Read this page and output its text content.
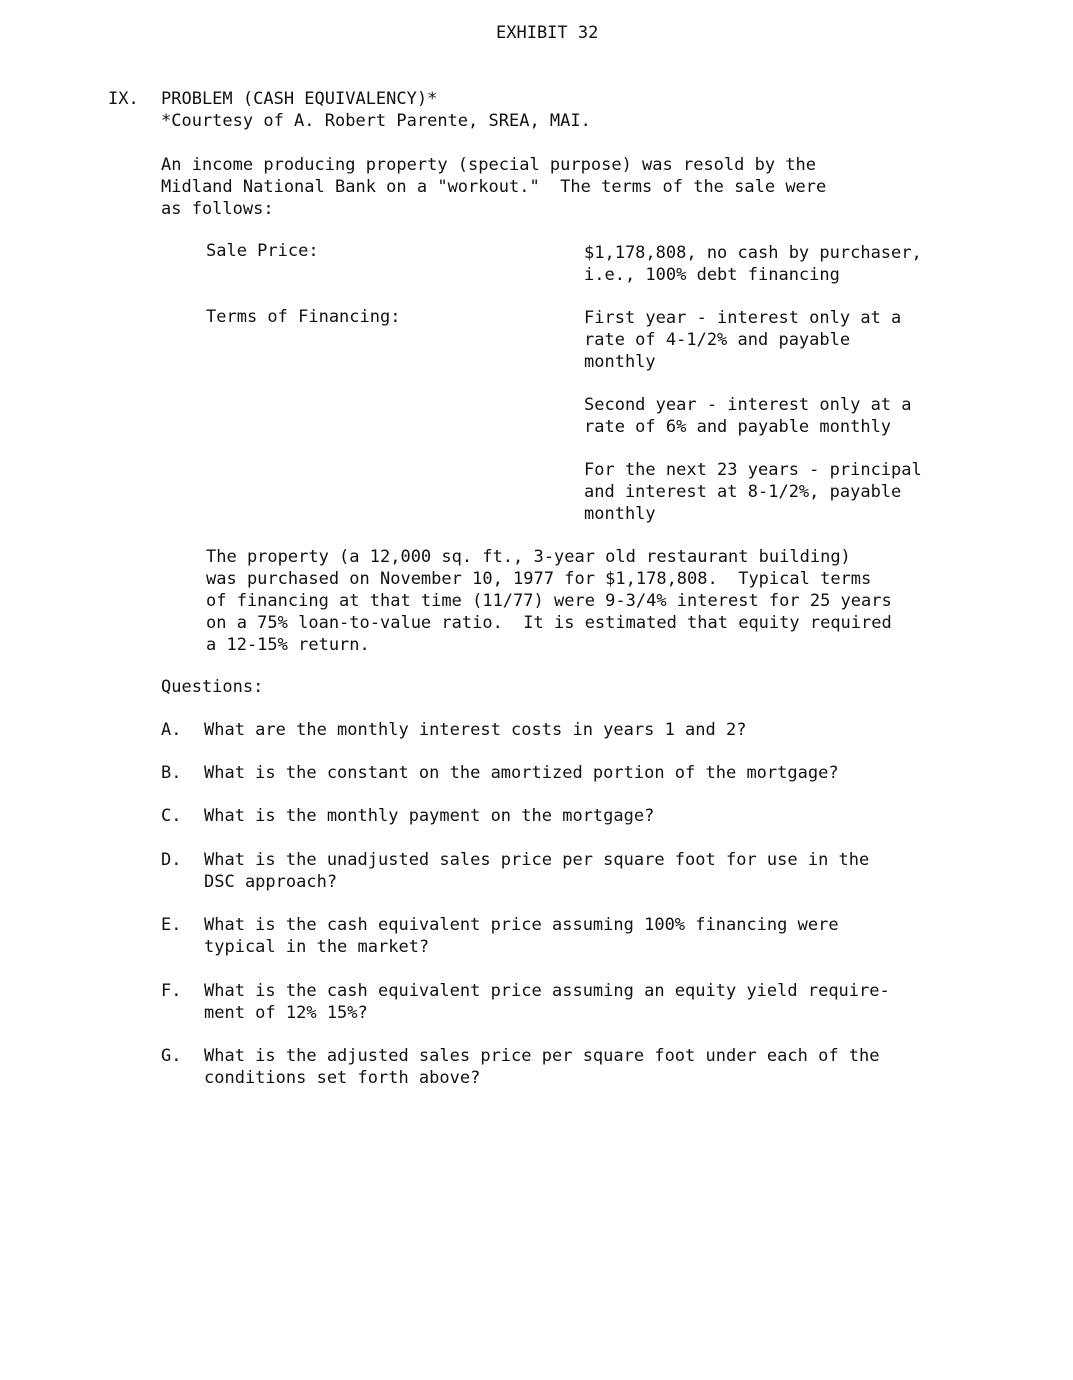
EXHIBIT 32
IX. PROBLEM (CASH EQUIVALENCY)*
*Courtesy of A. Robert Parente, SREA, MAI.
An income producing property (special purpose) was resold by the
Midland National Bank on a "workout."  The terms of the sale were
as follows:
Sale Price:	$1,178,808, no cash by purchaser,
i.e., 100% debt financing
Terms of Financing:	First year - interest only at a
rate of 4-1/2% and payable
monthly
Second year - interest only at a
rate of 6% and payable monthly
For the next 23 years - principal
and interest at 8-1/2%, payable
monthly
The property (a 12,000 sq. ft., 3-year old restaurant building)
was purchased on November 10, 1977 for $1,178,808.  Typical terms
of financing at that time (11/77) were 9-3/4% interest for 25 years
on a 75% loan-to-value ratio.  It is estimated that equity required
a 12-15% return.
Questions:
A. What are the monthly interest costs in years 1 and 2?
B. What is the constant on the amortized portion of the mortgage?
C. What is the monthly payment on the mortgage?
D. What is the unadjusted sales price per square foot for use in the
DSC approach?
E. What is the cash equivalent price assuming 100% financing were
typical in the market?
F. What is the cash equivalent price assuming an equity yield require-
ment of 12% 15%?
G. What is the adjusted sales price per square foot under each of the
conditions set forth above?
